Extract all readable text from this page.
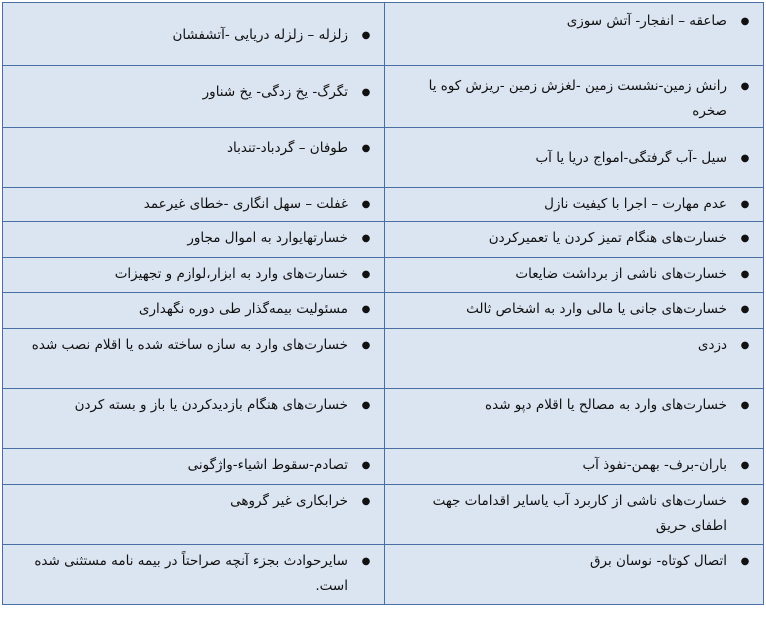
●
صاعقه – انفجار- آتش سوزی	●
زلزله – زلزله دریایی -آتشفشان

●
رانش زمین-نشست زمین -لغزش زمین -ریزش کوه یا صخره	●
تگرگ- یخ زدگی- یخ شناور

●
سیل -آب گرفتگی-امواج دریا یا آب	●
طوفان – گردباد-تندباد

●
عدم مهارت – اجرا با کیفیت نازل	●
غفلت – سهل انگاری -خطای غیرعمد

●
خسارت‌های هنگام تمیز کردن یا تعمیرکردن	●
خسارتهایوارد به اموال مجاور

●
خسارت‌های ناشی از برداشت ضایعات	●
خسارت‌های وارد به ابزار،لوازم و تجهیزات

●
خسارت‌های جانی یا مالی وارد به اشخاص ثالث	●
مسئولیت بیمه‌گذار طی دوره نگهداری

●
دزدی	●
خسارت‌های وارد به سازه ساخته شده یا اقلام نصب شده

●
خسارت‌های وارد به مصالح یا اقلام دپو شده	●
خسارت‌های هنگام بازدیدکردن یا باز و بسته کردن

●
باران-برف- بهمن-نفوذ آب	●
تصادم-سقوط اشیاء-واژگونی

●
خسارت‌های ناشی از کاربرد آب یاسایر اقدامات جهت اطفای حریق	●
خرابکاری غیر گروهی

●
اتصال کوتاه- نوسان برق	●
سایرحوادث بجزء آنچه صراحتاً در بیمه نامه مستثنی شده است.
